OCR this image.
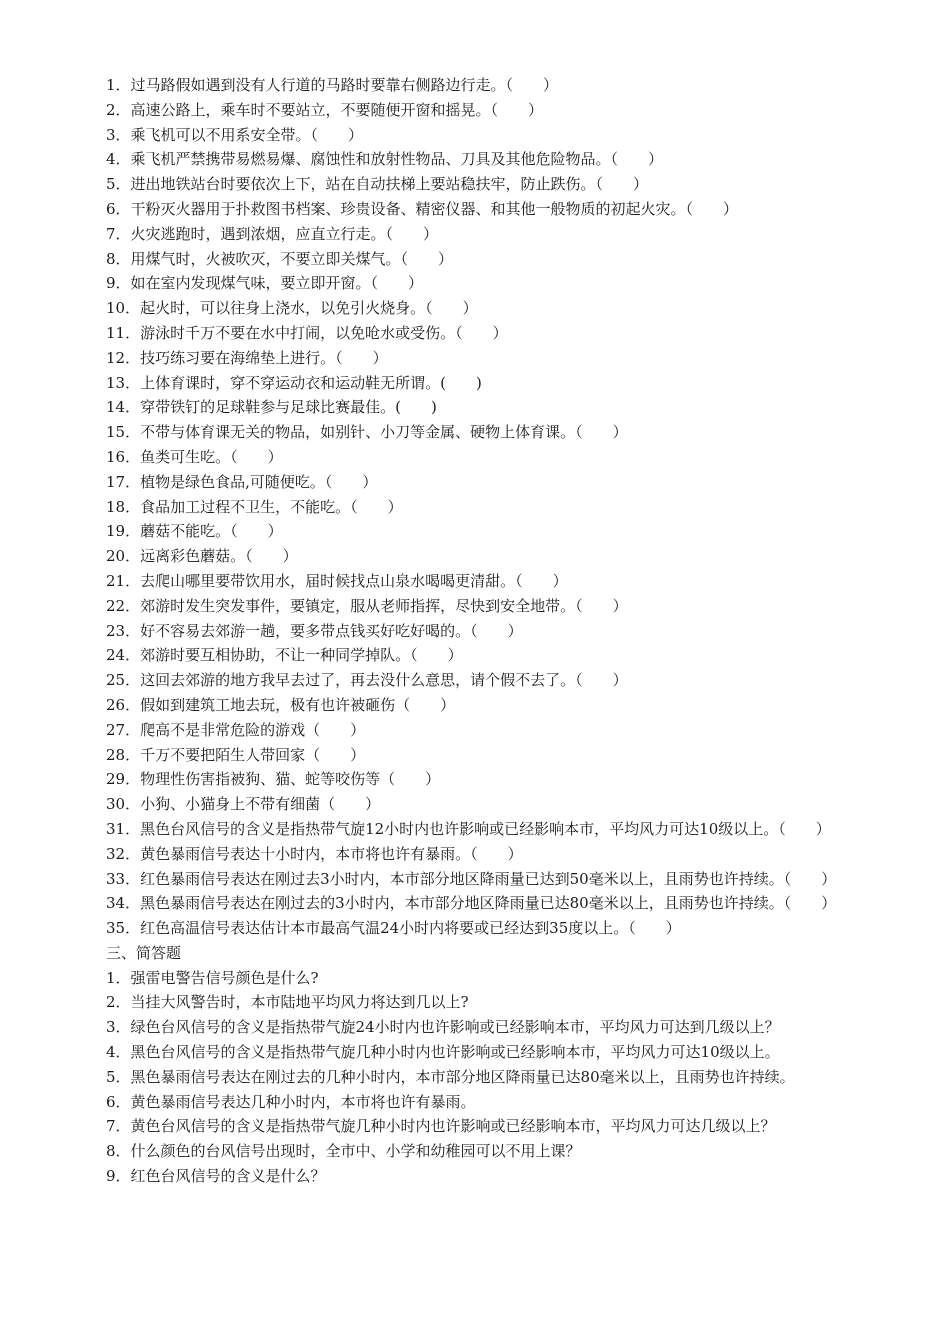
1．过马路假如遇到没有人行道的马路时要靠右侧路边行走。（　　）
2．高速公路上，乘车时不要站立，不要随便开窗和摇晃。（　　）
3．乘飞机可以不用系安全带。（　　）
4．乘飞机严禁携带易燃易爆、腐蚀性和放射性物品、刀具及其他危险物品。（　　）
5．进出地铁站台时要依次上下，站在自动扶梯上要站稳扶牢，防止跌伤。（　　）
6．干粉灭火器用于扑救图书档案、珍贵设备、精密仪器、和其他一般物质的初起火灾。（　　）
7．火灾逃跑时，遇到浓烟，应直立行走。（　　）
8．用煤气时，火被吹灭，不要立即关煤气。（　　）
9．如在室内发现煤气味，要立即开窗。（　　）
10．起火时，可以往身上浇水，以免引火烧身。（　　）
11．游泳时千万不要在水中打闹，以免呛水或受伤。（　　）
12．技巧练习要在海绵垫上进行。（　　）
13．上体育课时，穿不穿运动衣和运动鞋无所谓。(　　)
14．穿带铁钉的足球鞋参与足球比赛最佳。(　　)
15．不带与体育课无关的物品，如别针、小刀等金属、硬物上体育课。（　　）
16．鱼类可生吃。（　　）
17．植物是绿色食品,可随便吃。（　　）
18．食品加工过程不卫生，不能吃。（　　）
19．蘑菇不能吃。（　　）
20．远离彩色蘑菇。（　　）
21．去爬山哪里要带饮用水，届时候找点山泉水喝喝更清甜。（　　）
22．郊游时发生突发事件，要镇定，服从老师指挥，尽快到安全地带。（　　）
23．好不容易去郊游一趟，要多带点钱买好吃好喝的。（　　）
24．郊游时要互相协助，不让一种同学掉队。（　　）
25．这回去郊游的地方我早去过了，再去没什么意思，请个假不去了。（　　）
26．假如到建筑工地去玩，极有也许被砸伤（　　）
27．爬高不是非常危险的游戏（　　）
28．千万不要把陌生人带回家（　　）
29．物理性伤害指被狗、猫、蛇等咬伤等（　　）
30．小狗、小猫身上不带有细菌（　　）
31．黑色台风信号的含义是指热带气旋12小时内也许影响或已经影响本市，平均风力可达10级以上。（　　）
32．黄色暴雨信号表达十小时内，本市将也许有暴雨。（　　）
33．红色暴雨信号表达在刚过去3小时内，本市部分地区降雨量已达到50毫米以上，且雨势也许持续。（　　）
34．黑色暴雨信号表达在刚过去的3小时内，本市部分地区降雨量已达80毫米以上，且雨势也许持续。（　　）
35．红色高温信号表达估计本市最高气温24小时内将要或已经达到35度以上。（　　）
三、简答题
1．强雷电警告信号颜色是什么?
2．当挂大风警告时，本市陆地平均风力将达到几以上?
3．绿色台风信号的含义是指热带气旋24小时内也许影响或已经影响本市，平均风力可达到几级以上？
4．黑色台风信号的含义是指热带气旋几种小时内也许影响或已经影响本市，平均风力可达10级以上。
5．黑色暴雨信号表达在刚过去的几种小时内，本市部分地区降雨量已达80毫米以上，且雨势也许持续。
6．黄色暴雨信号表达几种小时内，本市将也许有暴雨。
7．黄色台风信号的含义是指热带气旋几种小时内也许影响或已经影响本市，平均风力可达几级以上？
8．什么颜色的台风信号出现时，全市中、小学和幼稚园可以不用上课？
9．红色台风信号的含义是什么？
